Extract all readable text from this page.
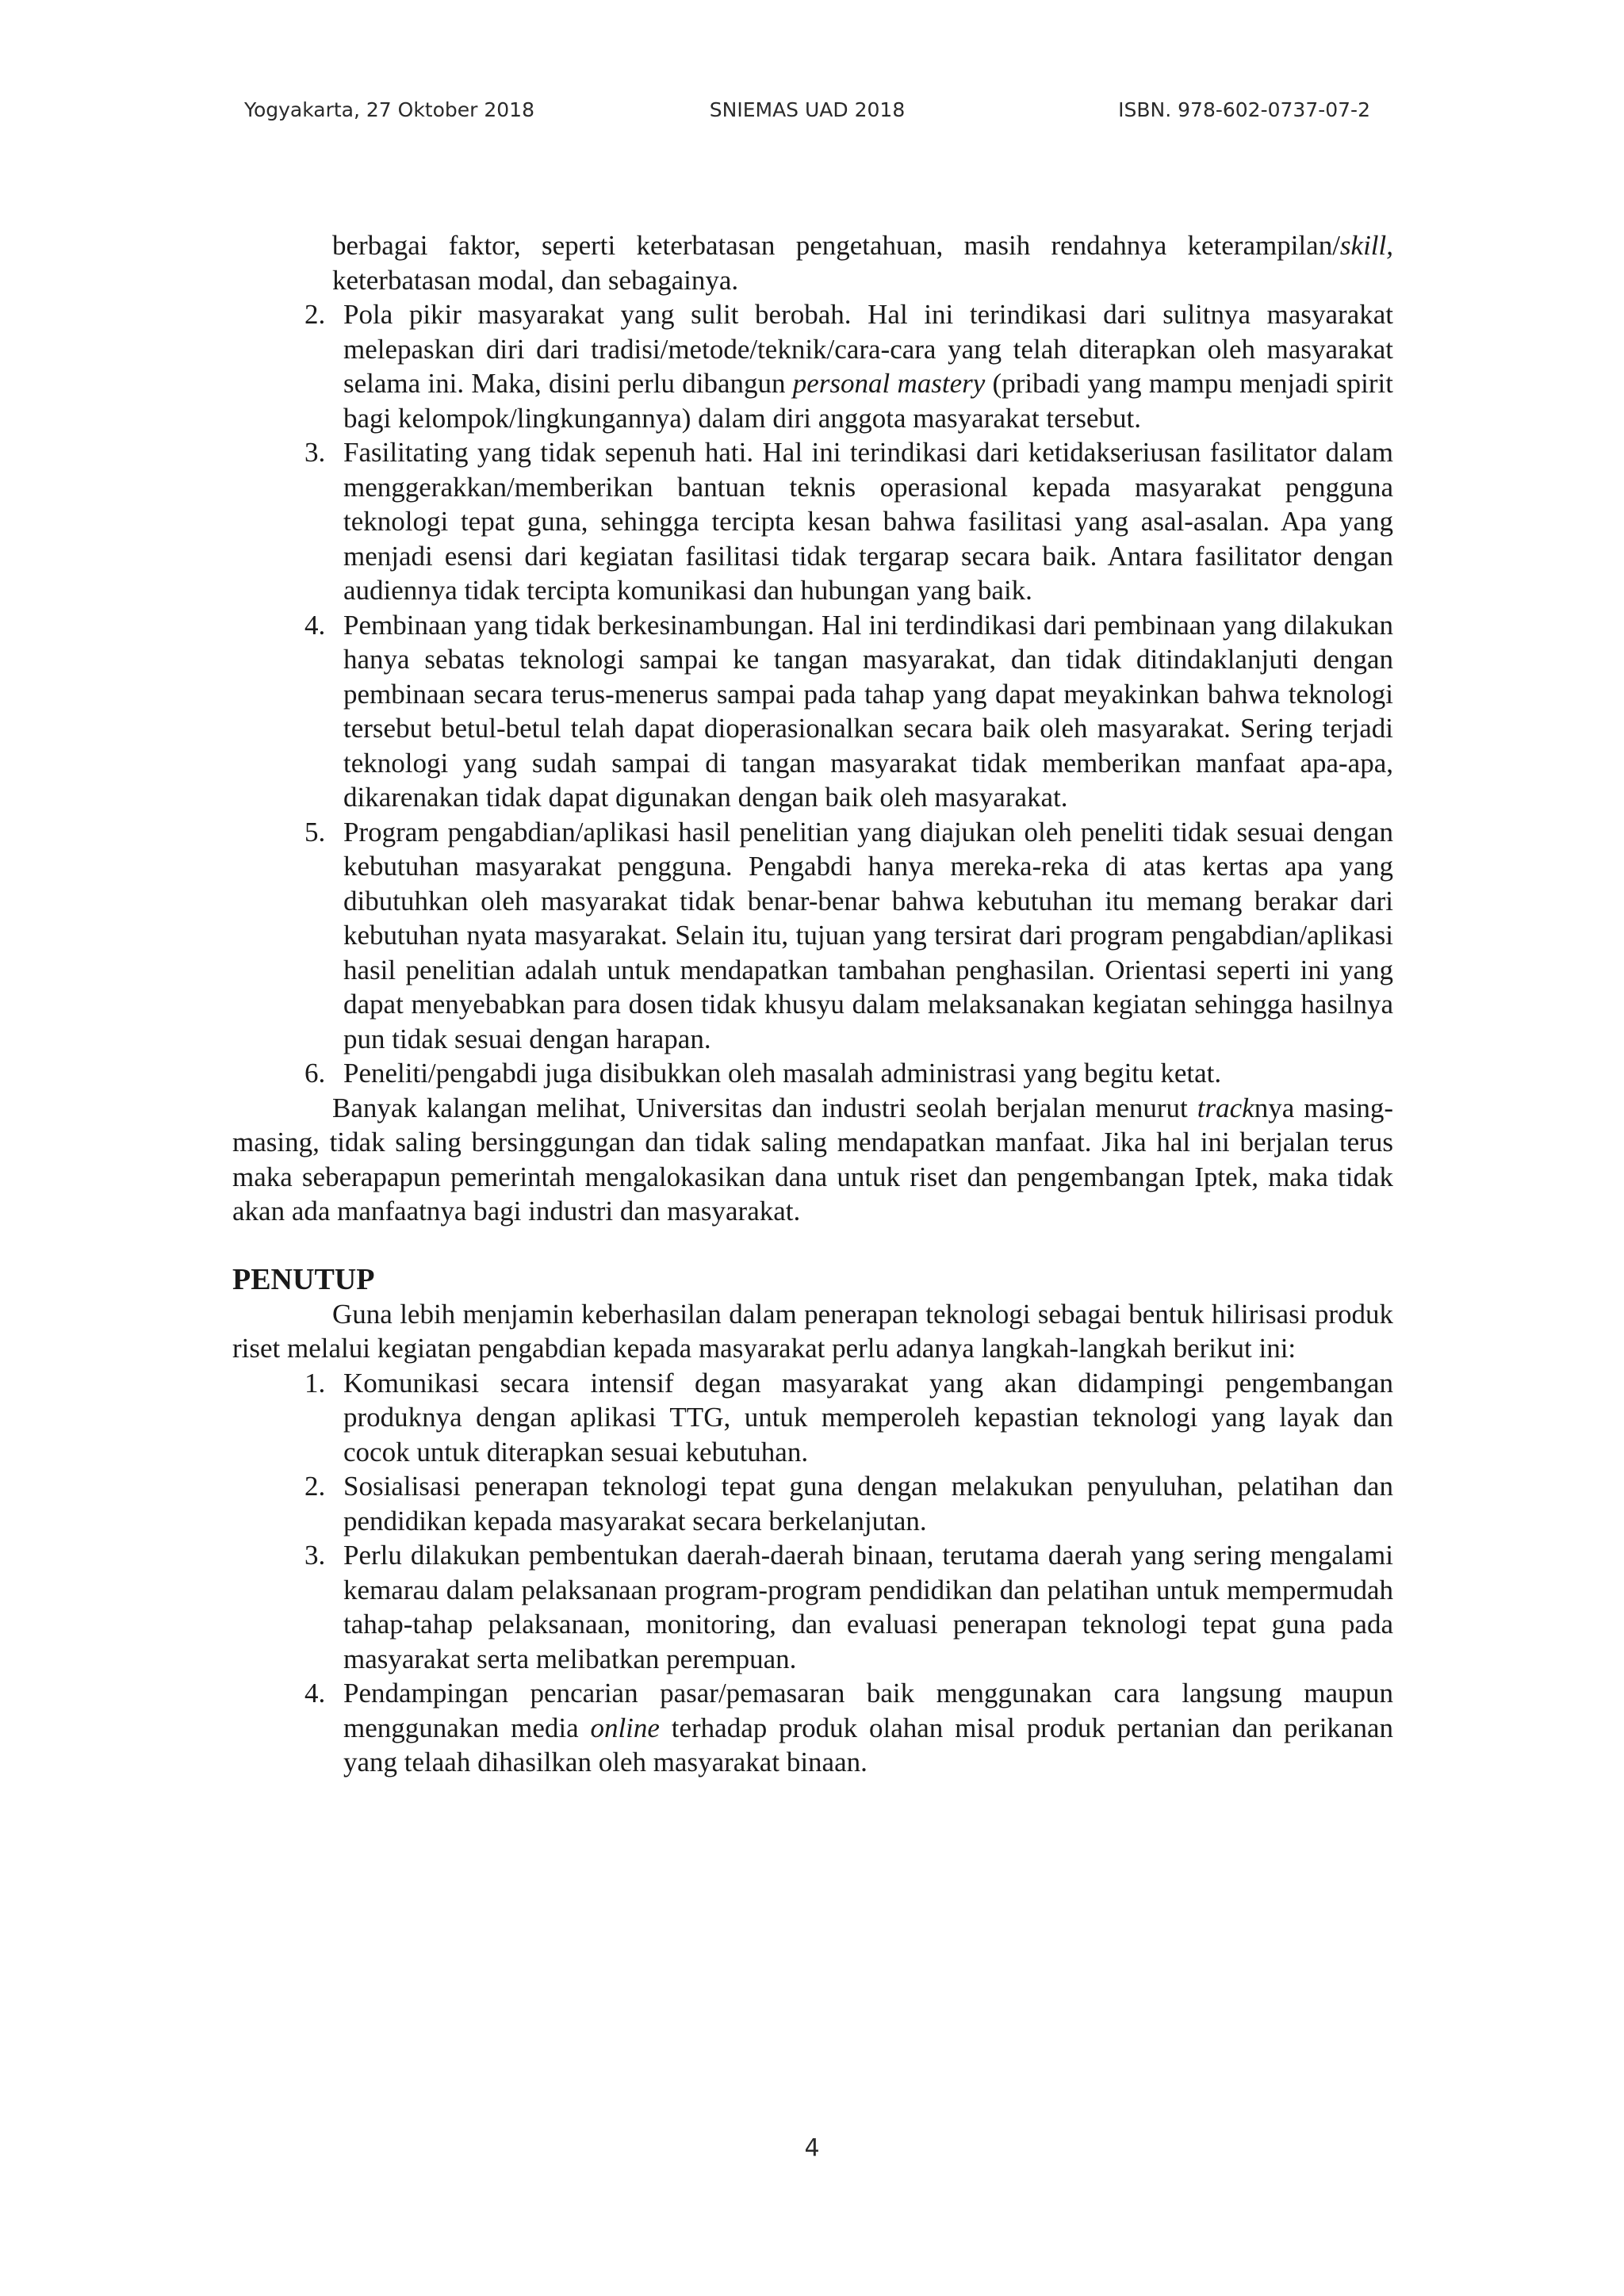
Yogyakarta, 27 Oktober 2018	SNIEMAS UAD 2018	ISBN. 978-602-0737-07-2

berbagai faktor, seperti keterbatasan pengetahuan, masih rendahnya keterampilan/skill, keterbatasan modal, dan sebagainya.

2. Pola pikir masyarakat yang sulit berobah. Hal ini terindikasi dari sulitnya masyarakat melepaskan diri dari tradisi/metode/teknik/cara-cara yang telah diterapkan oleh masyarakat selama ini. Maka, disini perlu dibangun personal mastery (pribadi yang mampu menjadi spirit bagi kelompok/lingkungannya) dalam diri anggota masyarakat tersebut.
3. Fasilitating yang tidak sepenuh hati. Hal ini terindikasi dari ketidakseriusan fasilitator dalam menggerakkan/memberikan bantuan teknis operasional kepada masyarakat pengguna teknologi tepat guna, sehingga tercipta kesan bahwa fasilitasi yang asal-asalan. Apa yang menjadi esensi dari kegiatan fasilitasi tidak tergarap secara baik. Antara fasilitator dengan audiennya tidak tercipta komunikasi dan hubungan yang baik.
4. Pembinaan yang tidak berkesinambungan. Hal ini terdindikasi dari pembinaan yang dilakukan hanya sebatas teknologi sampai ke tangan masyarakat, dan tidak ditindaklanjuti dengan pembinaan secara terus-menerus sampai pada tahap yang dapat meyakinkan bahwa teknologi tersebut betul-betul telah dapat dioperasionalkan secara baik oleh masyarakat. Sering terjadi teknologi yang sudah sampai di tangan masyarakat tidak memberikan manfaat apa-apa, dikarenakan tidak dapat digunakan dengan baik oleh masyarakat.
5. Program pengabdian/aplikasi hasil penelitian yang diajukan oleh peneliti tidak sesuai dengan kebutuhan masyarakat pengguna. Pengabdi hanya mereka-reka di atas kertas apa yang dibutuhkan oleh masyarakat tidak benar-benar bahwa kebutuhan itu memang berakar dari kebutuhan nyata masyarakat. Selain itu, tujuan yang tersirat dari program pengabdian/aplikasi hasil penelitian adalah untuk mendapatkan tambahan penghasilan. Orientasi seperti ini yang dapat menyebabkan para dosen tidak khusyu dalam melaksanakan kegiatan sehingga hasilnya pun tidak sesuai dengan harapan.
6. Peneliti/pengabdi juga disibukkan oleh masalah administrasi yang begitu ketat.

Banyak kalangan melihat, Universitas dan industri seolah berjalan menurut tracknya masing-masing, tidak saling bersinggungan dan tidak saling mendapatkan manfaat. Jika hal ini berjalan terus maka seberapapun pemerintah mengalokasikan dana untuk riset dan pengembangan Iptek, maka tidak akan ada manfaatnya bagi industri dan masyarakat.

PENUTUP

Guna lebih menjamin keberhasilan dalam penerapan teknologi sebagai bentuk hilirisasi produk riset melalui kegiatan pengabdian kepada masyarakat perlu adanya langkah-langkah berikut ini:

1. Komunikasi secara intensif degan masyarakat yang akan didampingi pengembangan produknya dengan aplikasi TTG, untuk memperoleh kepastian teknologi yang layak dan cocok untuk diterapkan sesuai kebutuhan.
2. Sosialisasi penerapan teknologi tepat guna dengan melakukan penyuluhan, pelatihan dan pendidikan kepada masyarakat secara berkelanjutan.
3. Perlu dilakukan pembentukan daerah-daerah binaan, terutama daerah yang sering mengalami kemarau dalam pelaksanaan program-program pendidikan dan pelatihan untuk mempermudah tahap-tahap pelaksanaan, monitoring, dan evaluasi penerapan teknologi tepat guna pada masyarakat serta melibatkan perempuan.
4. Pendampingan pencarian pasar/pemasaran baik menggunakan cara langsung maupun menggunakan media online terhadap produk olahan misal produk pertanian dan perikanan yang telaah dihasilkan oleh masyarakat binaan.
4
